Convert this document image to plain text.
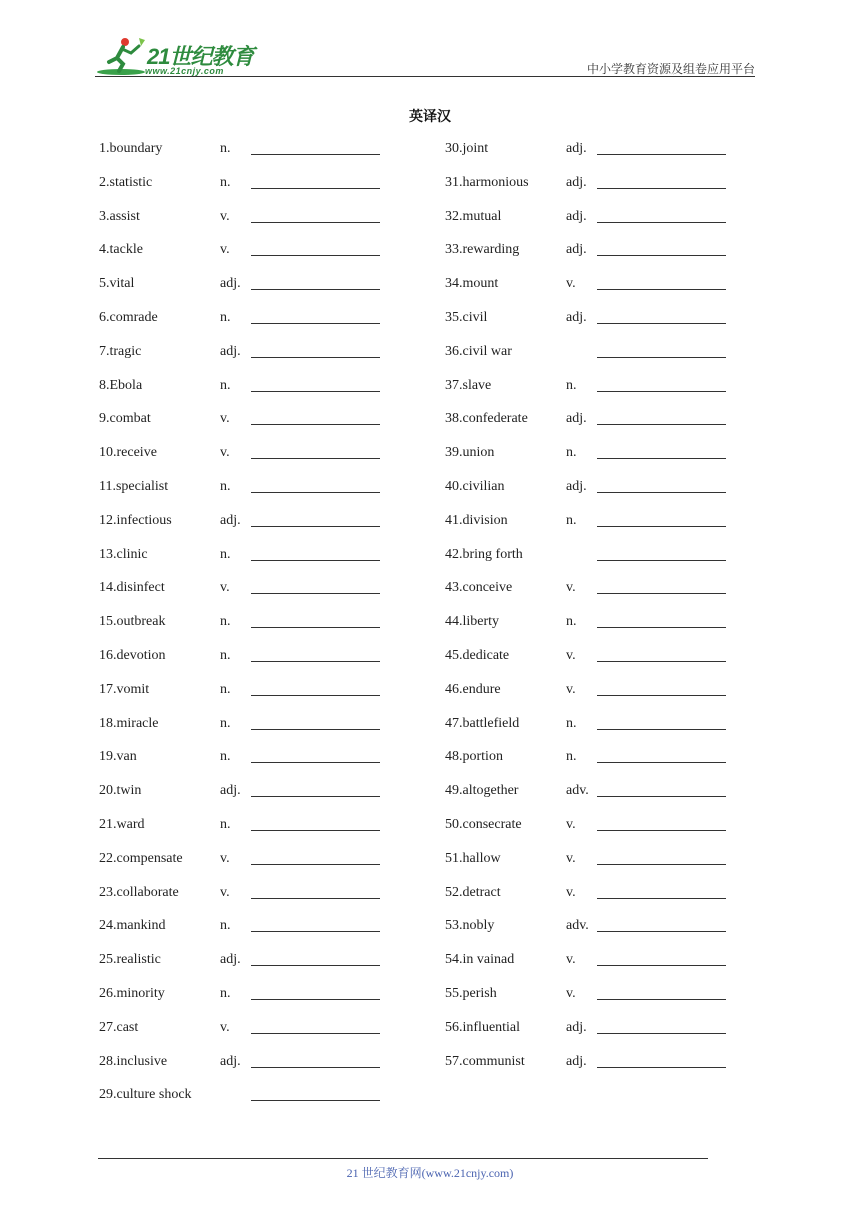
21世纪教育
www.21cnjy.com	中小学教育资源及组卷应用平台
英译汉
1.boundary	n.
2.statistic	n.
3.assist	v.
4.tackle	v.
5.vital	adj.
6.comrade	n.
7.tragic	adj.
8.Ebola	n.
9.combat	v.
10.receive	v.
11.specialist	n.
12.infectious	adj.
13.clinic	n.
14.disinfect	v.
15.outbreak	n.
16.devotion	n.
17.vomit	n.
18.miracle	n.
19.van	n.
20.twin	adj.
21.ward	n.
22.compensate	v.
23.collaborate	v.
24.mankind	n.
25.realistic	adj.
26.minority	n.
27.cast	v.
28.inclusive	adj.
29.culture shock
30.joint	adj.
31.harmonious	adj.
32.mutual	adj.
33.rewarding	adj.
34.mount	v.
35.civil	adj.
36.civil war
37.slave	n.
38.confederate	adj.
39.union	n.
40.civilian	adj.
41.division	n.
42.bring forth
43.conceive	v.
44.liberty	n.
45.dedicate	v.
46.endure	v.
47.battlefield	n.
48.portion	n.
49.altogether	adv.
50.consecrate	v.
51.hallow	v.
52.detract	v.
53.nobly	adv.
54.in vainad	v.
55.perish	v.
56.influential	adj.
57.communist	adj.
21 世纪教育网(www.21cnjy.com)
